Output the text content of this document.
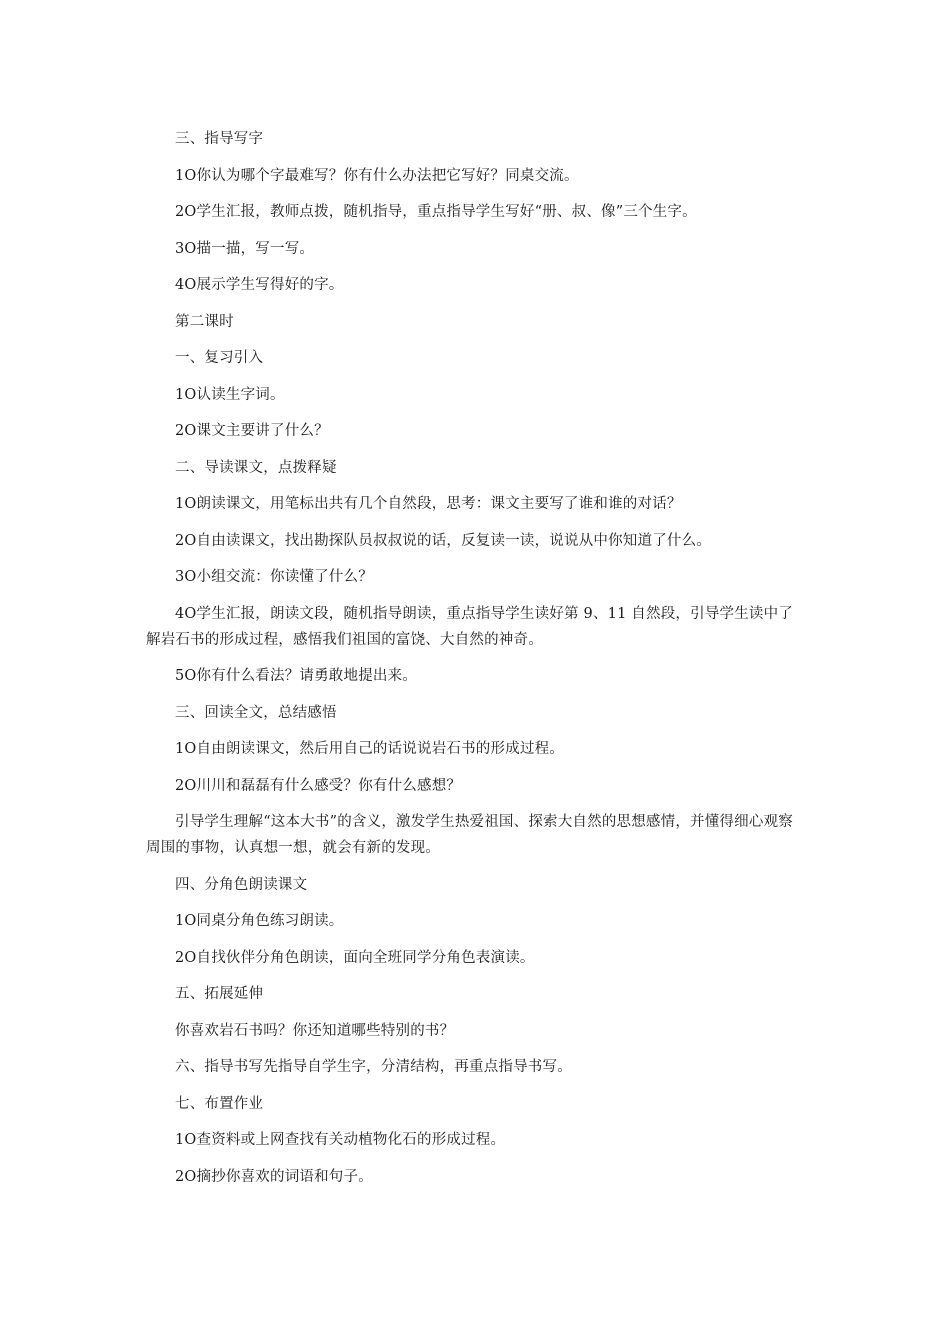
三、指导写字

1O你认为哪个字最难写？你有什么办法把它写好？同桌交流。

2O学生汇报，教师点拨，随机指导，重点指导学生写好“册、叔、像”三个生字。

3O描一描，写一写。

4O展示学生写得好的字。

第二课时

一、复习引入

1O认读生字词。

2O课文主要讲了什么？

二、导读课文，点拨释疑

1O朗读课文，用笔标出共有几个自然段，思考：课文主要写了谁和谁的对话？

2O自由读课文，找出勘探队员叔叔说的话，反复读一读，说说从中你知道了什么。

3O小组交流：你读懂了什么？

4O学生汇报，朗读文段，随机指导朗读，重点指导学生读好第 9、11 自然段，引导学生读中了解岩石书的形成过程，感悟我们祖国的富饶、大自然的神奇。

5O你有什么看法？请勇敢地提出来。

三、回读全文，总结感悟

1O自由朗读课文，然后用自己的话说说岩石书的形成过程。

2O川川和磊磊有什么感受？你有什么感想？

引导学生理解“这本大书”的含义，激发学生热爱祖国、探索大自然的思想感情，并懂得细心观察周围的事物，认真想一想，就会有新的发现。

四、分角色朗读课文

1O同桌分角色练习朗读。

2O自找伙伴分角色朗读，面向全班同学分角色表演读。

五、拓展延伸

你喜欢岩石书吗？你还知道哪些特别的书？

六、指导书写先指导自学生字，分清结构，再重点指导书写。

七、布置作业

1O查资料或上网查找有关动植物化石的形成过程。

2O摘抄你喜欢的词语和句子。
